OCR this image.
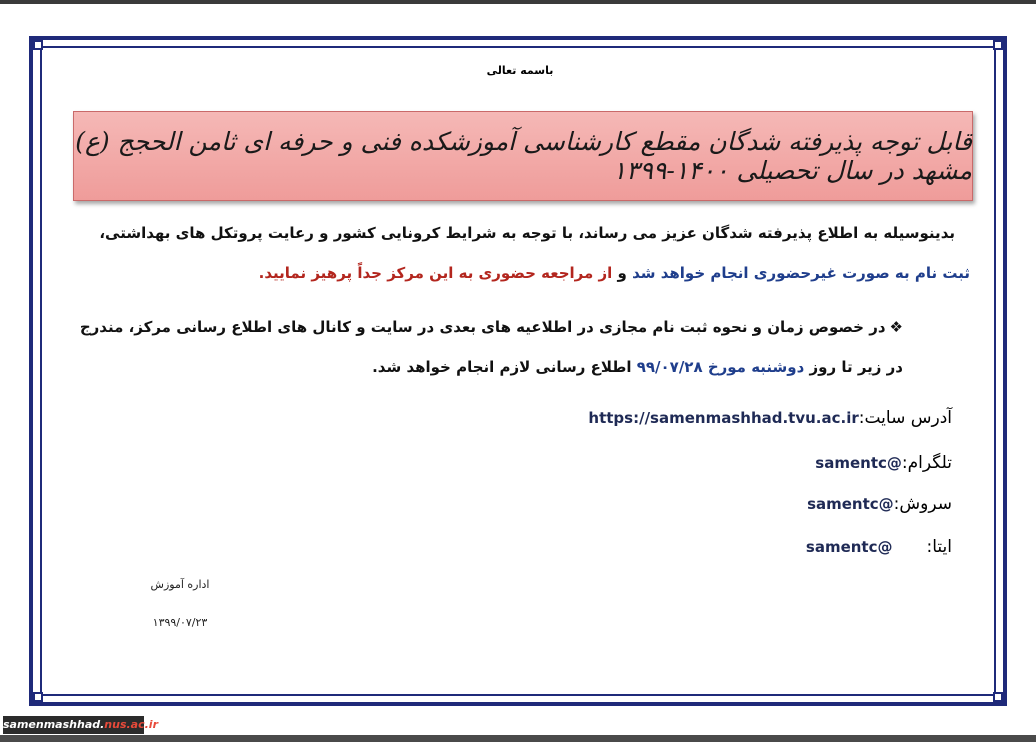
باسمه تعالی
قابل توجه پذیرفته شدگان مقطع کارشناسی آموزشکده فنی و حرفه ای ثامن الحجج (ع) مشهد در سال تحصیلی ۱۴۰۰-۱۳۹۹
بدینوسیله به اطلاع پذیرفته شدگان عزیز می رساند، با توجه به شرایط کرونایی کشور و رعایت پروتکل های بهداشتی،
ثبت نام به صورت غیرحضوری انجام خواهد شد و از مراجعه حضوری به این مرکز جداً پرهیز نمایید.
❖در خصوص زمان و نحوه ثبت نام مجازی در اطلاعیه های بعدی در سایت و کانال های اطلاع رسانی مرکز، مندرج
در زیر تا روز دوشنبه مورخ ۹۹/۰۷/۲۸ اطلاع رسانی لازم انجام خواهد شد.
آدرس سایت:https://samenmashhad.tvu.ac.ir
تلگرام:@samentc
سروش:@samentc
ایتا:@samentc
اداره آموزش
۱۳۹۹/۰۷/۲۳
samenmashhad.nus.ac.ir
